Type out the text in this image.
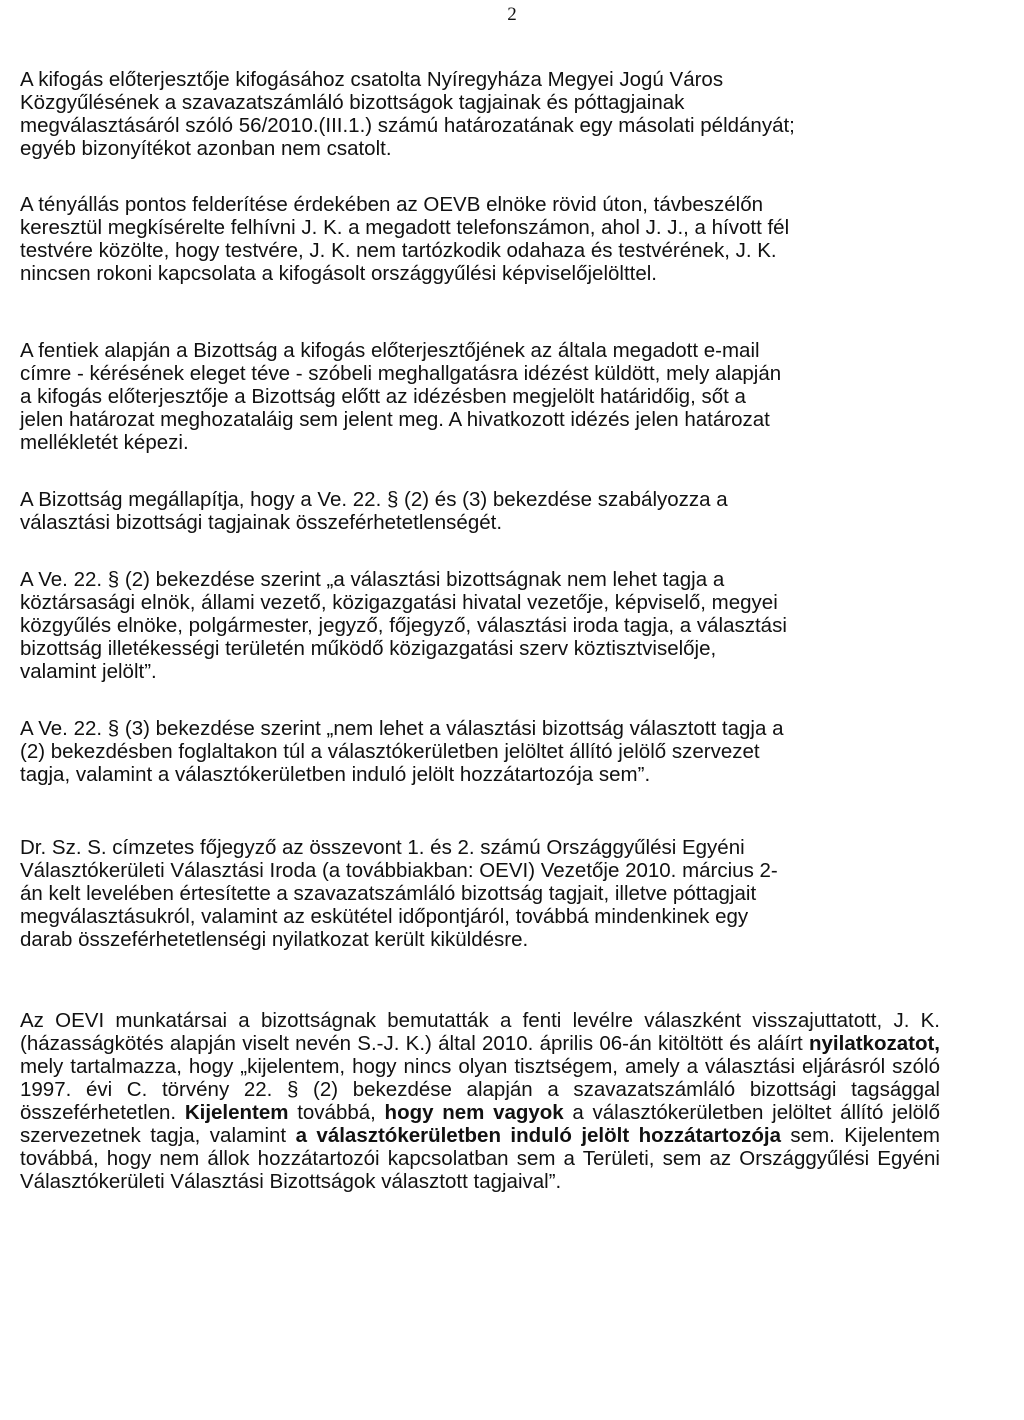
2

A kifogás előterjesztője kifogásához csatolta Nyíregyháza Megyei Jogú Város
Közgyűlésének a szavazatszámláló bizottságok tagjainak és póttagjainak
megválasztásáról szóló 56/2010.(III.1.) számú határozatának egy másolati példányát;
egyéb bizonyítékot azonban nem csatolt.

A tényállás pontos felderítése érdekében az OEVB elnöke rövid úton, távbeszélőn
keresztül megkísérelte felhívni J. K. a megadott telefonszámon, ahol J. J., a hívott fél
testvére közölte, hogy testvére, J. K. nem tartózkodik odahaza és testvérének, J. K.
nincsen rokoni kapcsolata a kifogásolt országgyűlési képviselőjelölttel.

A fentiek alapján a Bizottság a kifogás előterjesztőjének az általa megadott e-mail
címre - kérésének eleget téve - szóbeli meghallgatásra idézést küldött, mely alapján
a kifogás előterjesztője a Bizottság előtt az idézésben megjelölt határidőig, sőt a
jelen határozat meghozataláig sem jelent meg. A hivatkozott idézés jelen határozat
mellékletét képezi.

A Bizottság megállapítja, hogy a Ve. 22. § (2) és (3) bekezdése szabályozza a
választási bizottsági tagjainak összeférhetetlenségét.

A Ve. 22. § (2) bekezdése szerint „a választási bizottságnak nem lehet tagja a
köztársasági elnök, állami vezető, közigazgatási hivatal vezetője, képviselő, megyei
közgyűlés elnöke, polgármester, jegyző, főjegyző, választási iroda tagja, a választási
bizottság illetékességi területén működő közigazgatási szerv köztisztviselője,
valamint jelölt”.

A Ve. 22. § (3) bekezdése szerint „nem lehet a választási bizottság választott tagja a
(2) bekezdésben foglaltakon túl a választókerületben jelöltet állító jelölő szervezet
tagja, valamint a választókerületben induló jelölt hozzátartozója sem”.

Dr. Sz. S. címzetes főjegyző az összevont 1. és 2. számú Országgyűlési Egyéni
Választókerületi Választási Iroda (a továbbiakban: OEVI) Vezetője 2010. március 2-
án kelt levelében értesítette a szavazatszámláló bizottság tagjait, illetve póttagjait
megválasztásukról, valamint az eskütétel időpontjáról, továbbá mindenkinek egy
darab összeférhetetlenségi nyilatkozat került kiküldésre.

Az OEVI munkatársai a bizottságnak bemutatták a fenti levélre válaszként visszajuttatott, J. K. (házasságkötés alapján viselt nevén S.-J. K.) által 2010. április 06-án kitöltött és aláírt nyilatkozatot, mely tartalmazza, hogy „kijelentem, hogy nincs olyan tisztségem, amely a választási eljárásról szóló 1997. évi C. törvény 22. § (2) bekezdése alapján a szavazatszámláló bizottsági tagsággal összeférhetetlen. Kijelentem továbbá, hogy nem vagyok a választókerületben jelöltet állító jelölő szervezetnek tagja, valamint a választókerületben induló jelölt hozzátartozója sem. Kijelentem továbbá, hogy nem állok hozzátartozói kapcsolatban sem a Területi, sem az Országgyűlési Egyéni Választókerületi Választási Bizottságok választott tagjaival”.
